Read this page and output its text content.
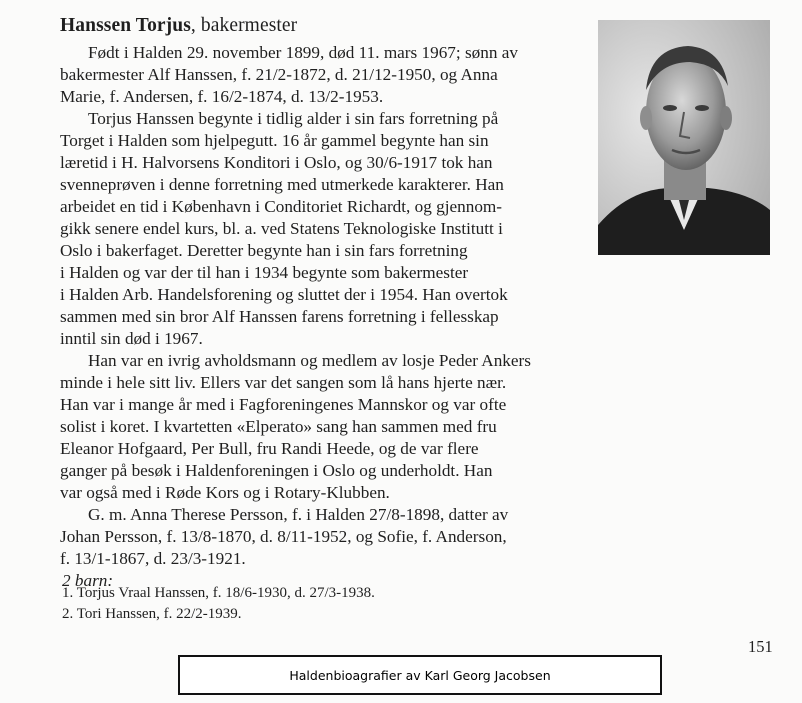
Hanssen Torjus, bakermester
Født i Halden 29. november 1899, død 11. mars 1967; sønn av
bakermester Alf Hanssen, f. 21/2-1872, d. 21/12-1950, og Anna
Marie, f. Andersen, f. 16/2-1874, d. 13/2-1953.
Torjus Hanssen begynte i tidlig alder i sin fars forretning på
Torget i Halden som hjelpegutt. 16 år gammel begynte han sin
læretid i H. Halvorsens Konditori i Oslo, og 30/6-1917 tok han
svenneprøven i denne forretning med utmerkede karakterer. Han
arbeidet en tid i København i Conditoriet Richardt, og gjennom-
gikk senere endel kurs, bl. a. ved Statens Teknologiske Institutt i
Oslo i bakerfaget. Deretter begynte han i sin fars forretning
i Halden og var der til han i 1934 begynte som bakermester
i Halden Arb. Handelsforening og sluttet der i 1954. Han overtok
sammen med sin bror Alf Hanssen farens forretning i fellesskap
inntil sin død i 1967.
Han var en ivrig avholdsmann og medlem av losje Peder Ankers
minde i hele sitt liv. Ellers var det sangen som lå hans hjerte nær.
Han var i mange år med i Fagforeningenes Mannskor og var ofte
solist i koret. I kvartetten «Elperato» sang han sammen med fru
Eleanor Hofgaard, Per Bull, fru Randi Heede, og de var flere
ganger på besøk i Haldenforeningen i Oslo og underholdt. Han
var også med i Røde Kors og i Rotary-Klubben.
G. m. Anna Therese Persson, f. i Halden 27/8-1898, datter av
Johan Persson, f. 13/8-1870, d. 8/11-1952, og Sofie, f. Anderson,
f. 13/1-1867, d. 23/3-1921.
2 barn:
1. Torjus Vraal Hanssen, f. 18/6-1930, d. 27/3-1938.
2. Tori Hanssen, f. 22/2-1939.
151
Haldenbioagrafier av Karl Georg Jacobsen
